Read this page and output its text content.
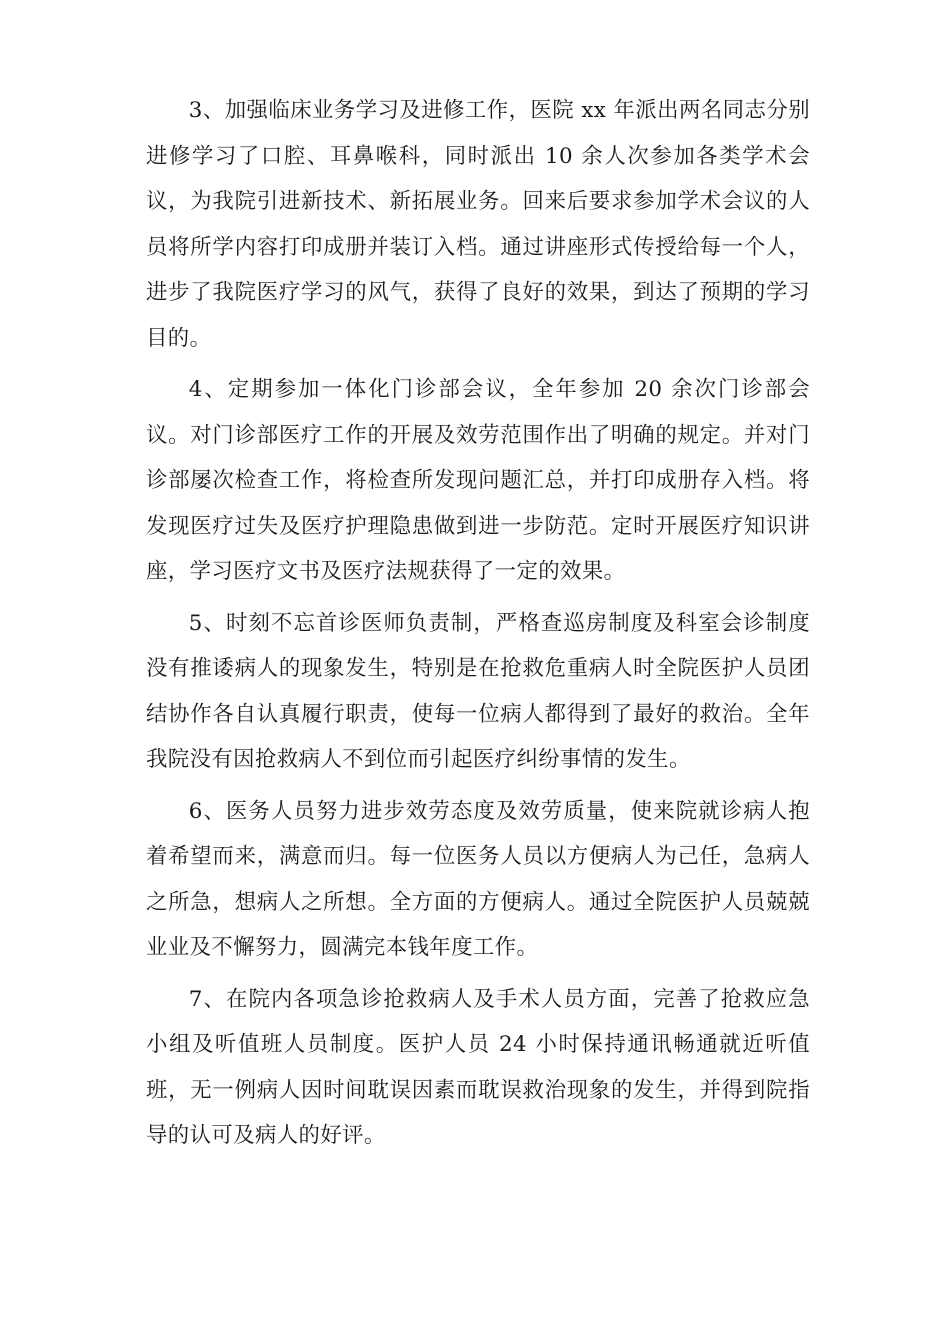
3、加强临床业务学习及进修工作，医院 xx 年派出两名同志分别进修学习了口腔、耳鼻喉科，同时派出 10 余人次参加各类学术会议，为我院引进新技术、新拓展业务。回来后要求参加学术会议的人员将所学内容打印成册并装订入档。通过讲座形式传授给每一个人，进步了我院医疗学习的风气，获得了良好的效果，到达了预期的学习目的。

4、定期参加一体化门诊部会议，全年参加 20 余次门诊部会议。对门诊部医疗工作的开展及效劳范围作出了明确的规定。并对门诊部屡次检查工作，将检查所发现问题汇总，并打印成册存入档。将发现医疗过失及医疗护理隐患做到进一步防范。定时开展医疗知识讲座，学习医疗文书及医疗法规获得了一定的效果。

5、时刻不忘首诊医师负责制，严格查巡房制度及科室会诊制度没有推诿病人的现象发生，特别是在抢救危重病人时全院医护人员团结协作各自认真履行职责，使每一位病人都得到了最好的救治。全年我院没有因抢救病人不到位而引起医疗纠纷事情的发生。

6、医务人员努力进步效劳态度及效劳质量，使来院就诊病人抱着希望而来，满意而归。每一位医务人员以方便病人为己任，急病人之所急，想病人之所想。全方面的方便病人。通过全院医护人员兢兢业业及不懈努力，圆满完本钱年度工作。

7、在院内各项急诊抢救病人及手术人员方面，完善了抢救应急小组及听值班人员制度。医护人员 24 小时保持通讯畅通就近听值班，无一例病人因时间耽误因素而耽误救治现象的发生，并得到院指导的认可及病人的好评。
